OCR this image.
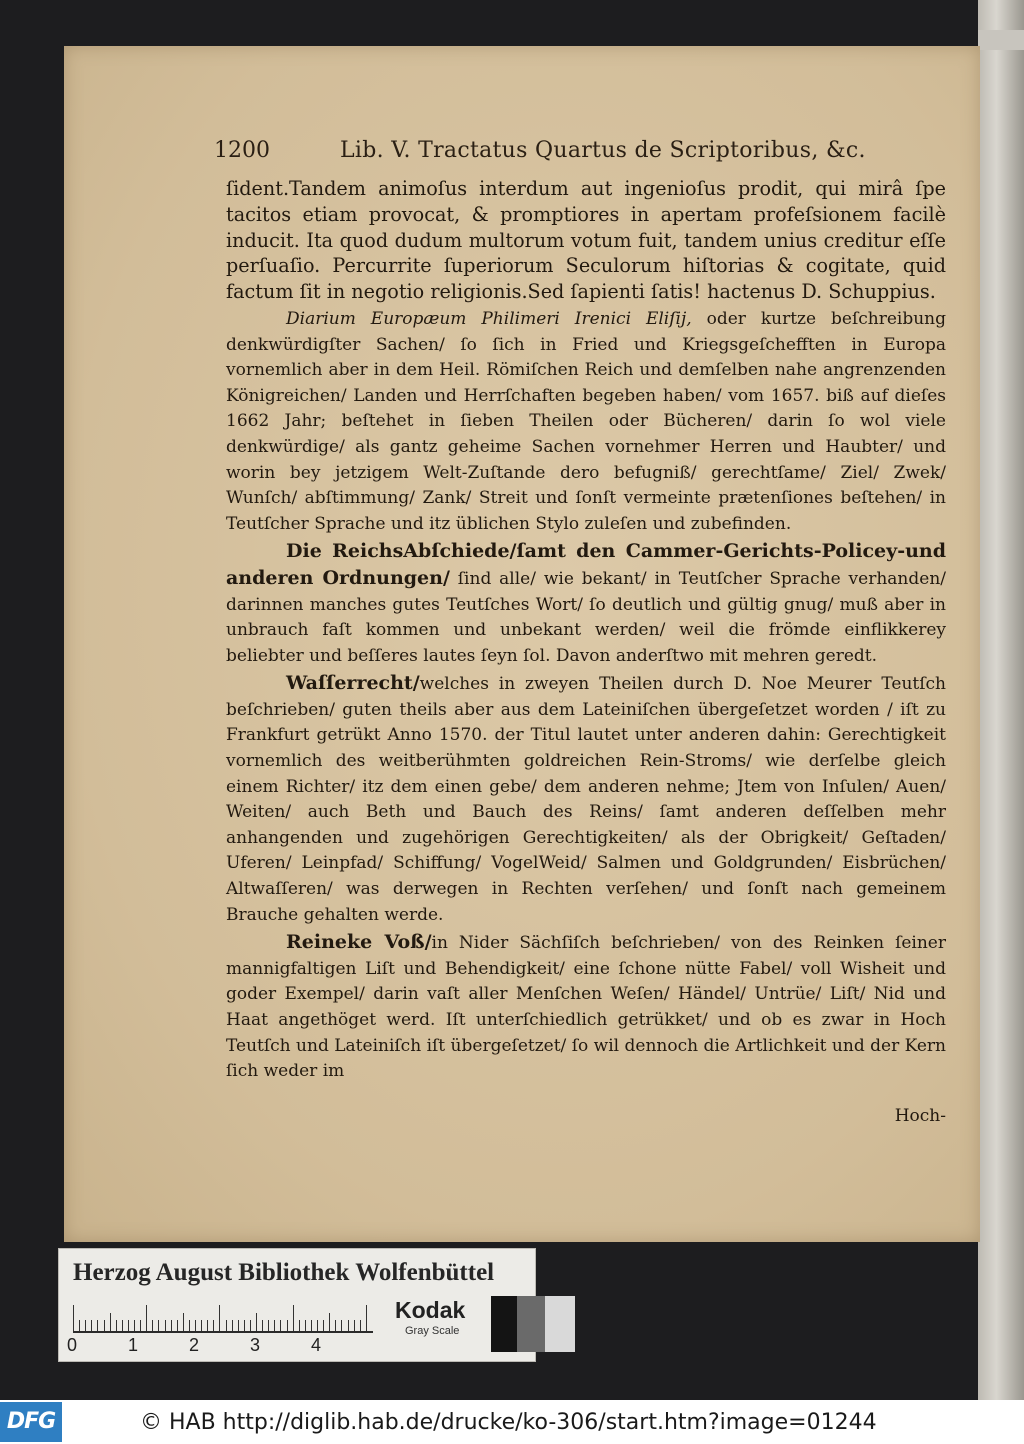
1200	Lib. V. Tractatus Quartus de Scriptoribus, &c.

ſident.Tandem animoſus interdum aut ingenioſus prodit, qui mirâ ſpe tacitos etiam provocat, & promptiores in apertam profeſsionem facilè inducit. Ita quod dudum multorum votum fuit, tandem unius creditur eſſe perſuaſio. Percurrite ſuperiorum Seculorum hiſtorias & cogitate, quid factum ſit in negotio religionis.Sed ſapienti ſatis! hactenus D. Schuppius.

Diarium Europæum Philimeri Irenici Eliſij, oder kurtze beſchreibung denkwürdigſter Sachen/ ſo ſich in Fried und Kriegsgeſchefften in Europa vornemlich aber in dem Heil. Römiſchen Reich und demſelben nahe angrenzenden Königreichen/ Landen und Herrſchaften begeben haben/ vom 1657. biß auf dieſes 1662 Jahr; beſtehet in ſieben Theilen oder Bücheren/ darin ſo wol viele denkwürdige/ als gantz geheime Sachen vornehmer Herren und Haubter/ und worin bey jetzigem Welt-Zuſtande dero befugniß/ gerechtſame/ Ziel/ Zwek/ Wunſch/ abſtimmung/ Zank/ Streit und ſonſt vermeinte prætenſiones beſtehen/ in Teutſcher Sprache und itz üblichen Stylo zuleſen und zubefinden.

Die ReichsAbſchiede/ſamt den Cammer-Gerichts-Policey-und anderen Ordnungen/ ſind alle/ wie bekant/ in Teutſcher Sprache verhanden/ darinnen manches gutes Teutſches Wort/ ſo deutlich und gültig gnug/ muß aber in unbrauch faſt kommen und unbekant werden/ weil die frömde einflikkerey beliebter und beſſeres lautes ſeyn ſol. Davon anderſtwo mit mehren geredt.

Waſſerrecht/welches in zweyen Theilen durch D. Noe Meurer Teutſch beſchrieben/ guten theils aber aus dem Lateiniſchen übergeſetzet worden / iſt zu Frankfurt getrükt Anno 1570. der Titul lautet unter anderen dahin: Gerechtigkeit vornemlich des weitberühmten goldreichen Rein-Stroms/ wie derſelbe gleich einem Richter/ itz dem einen gebe/ dem anderen nehme; Jtem von Inſulen/ Auen/ Weiten/ auch Beth und Bauch des Reins/ ſamt anderen deſſelben mehr anhangenden und zugehörigen Gerechtigkeiten/ als der Obrigkeit/ Geſtaden/ Uferen/ Leinpfad/ Schiffung/ VogelWeid/ Salmen und Goldgrunden/ Eisbrüchen/ Altwaſſeren/ was derwegen in Rechten verſehen/ und ſonſt nach gemeinem Brauche gehalten werde.

Reineke Voß/in Nider Sächſiſch beſchrieben/ von des Reinken ſeiner mannigfaltigen Liſt und Behendigkeit/ eine ſchone nütte Fabel/ voll Wisheit und goder Exempel/ darin vaſt aller Menſchen Weſen/ Händel/ Untrüe/ Liſt/ Nid und Haat angethöget werd. Iſt unterſchiedlich getrükket/ und ob es zwar in Hoch Teutſch und Lateiniſch iſt übergeſetzet/ ſo wil dennoch die Artlichkeit und der Kern ſich weder im

Hoch-
Herzog August Bibliothek Wolfenbüttel
0	1	2	3	4
Kodak
Gray Scale
DFG	© HAB http://diglib.hab.de/drucke/ko-306/start.htm?image=01244
